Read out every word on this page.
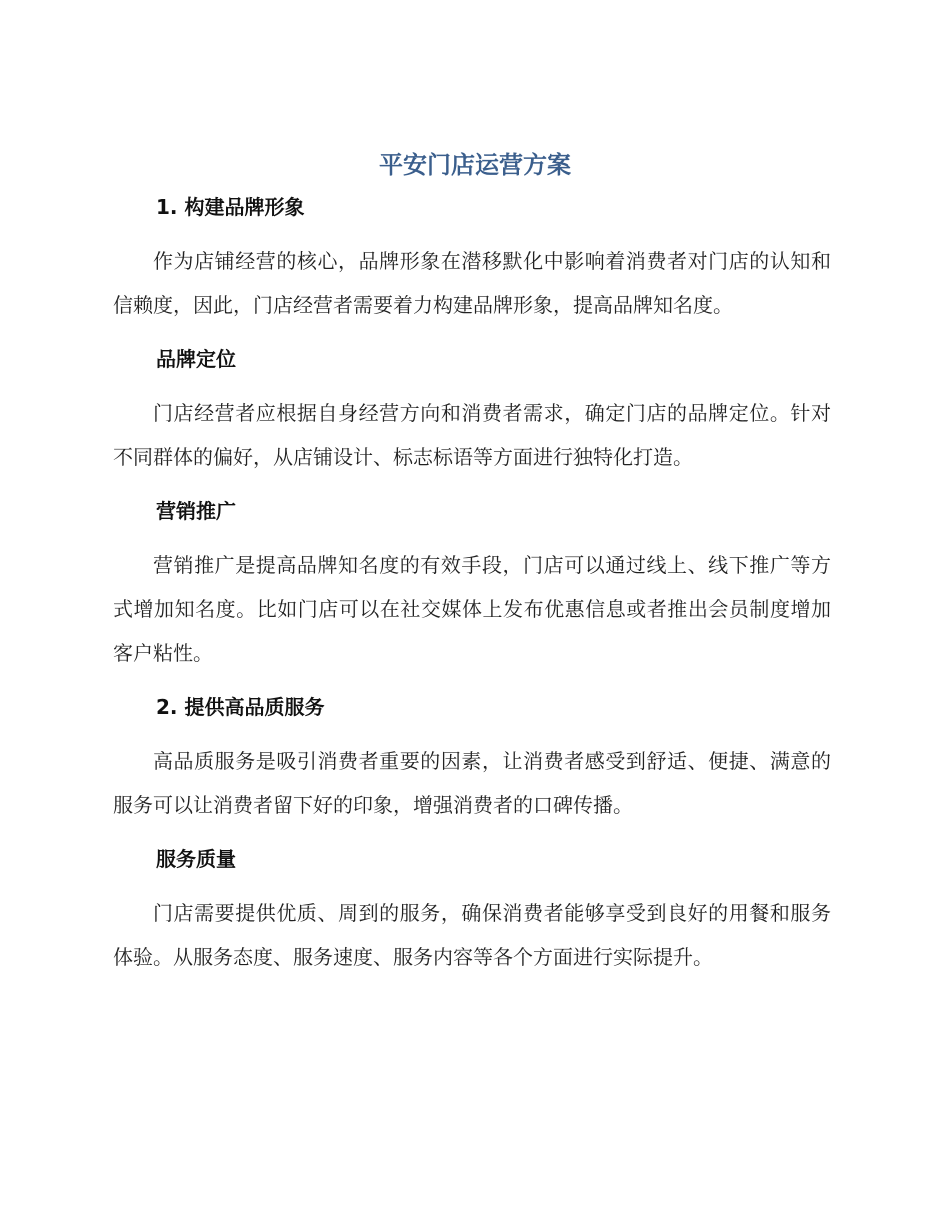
平安门店运营方案
1. 构建品牌形象

作为店铺经营的核心，品牌形象在潜移默化中影响着消费者对门店的认知和信赖度，因此，门店经营者需要着力构建品牌形象，提高品牌知名度。

品牌定位

门店经营者应根据自身经营方向和消费者需求，确定门店的品牌定位。针对不同群体的偏好，从店铺设计、标志标语等方面进行独特化打造。

营销推广

营销推广是提高品牌知名度的有效手段，门店可以通过线上、线下推广等方式增加知名度。比如门店可以在社交媒体上发布优惠信息或者推出会员制度增加客户粘性。

2. 提供高品质服务

高品质服务是吸引消费者重要的因素，让消费者感受到舒适、便捷、满意的服务可以让消费者留下好的印象，增强消费者的口碑传播。

服务质量

门店需要提供优质、周到的服务，确保消费者能够享受到良好的用餐和服务体验。从服务态度、服务速度、服务内容等各个方面进行实际提升。
